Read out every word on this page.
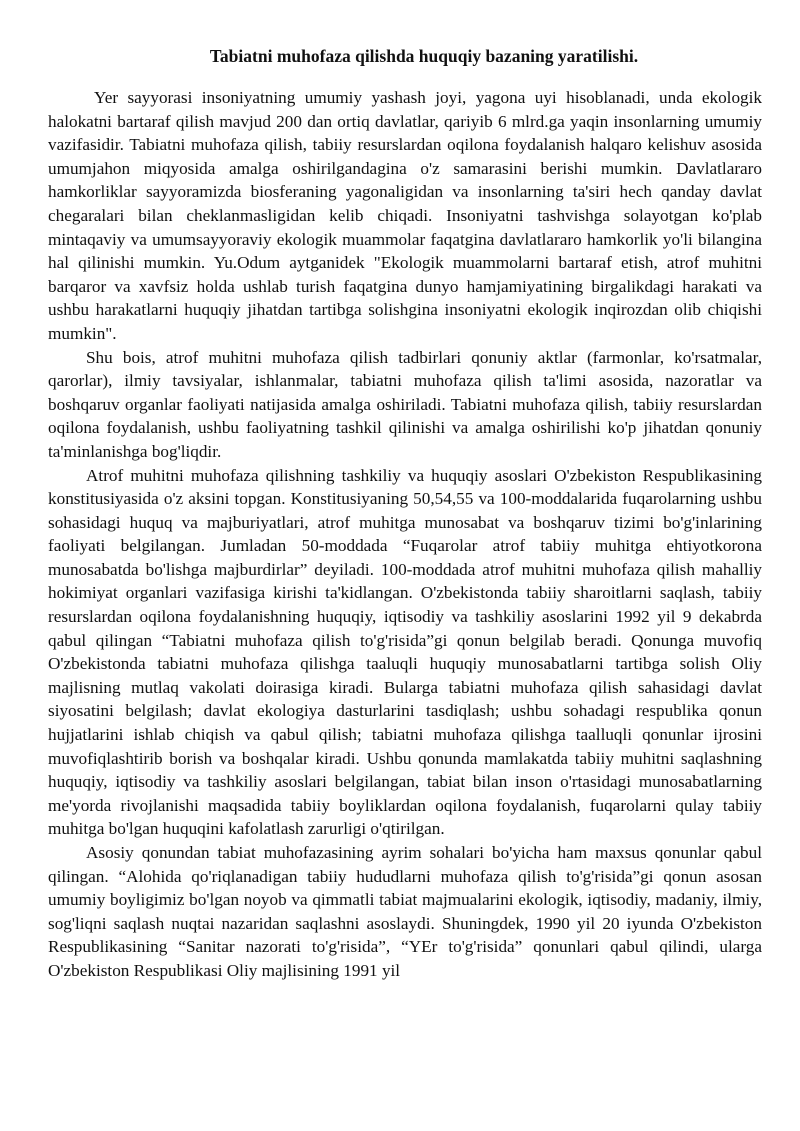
Tabiatni muhofaza qilishda huquqiy bazaning yaratilishi.

Yer sayyorasi insoniyatning umumiy yashash joyi, yagona uyi hisoblanadi, unda ekologik halokatni bartaraf qilish mavjud 200 dan ortiq davlatlar, qariyib 6 mlrd.ga yaqin insonlarning umumiy vazifasidir. Tabiatni muhofaza qilish, tabiiy resurslardan oqilona foydalanish halqaro kelishuv asosida umumjahon miqyosida amalga oshirilgandagina o'z samarasini berishi mumkin. Davlatlararo hamkorliklar sayyoramizda biosferaning yagonaligidan va insonlarning ta'siri hech qanday davlat chegaralari bilan cheklanmasligidan kelib chiqadi. Insoniyatni tashvishga solayotgan ko'plab mintaqaviy va umumsayyoraviy ekologik muammolar faqatgina davlatlararo hamkorlik yo'li bilangina hal qilinishi mumkin. Yu.Odum aytganidek "Ekologik muammolarni bartaraf etish, atrof muhitni barqaror va xavfsiz holda ushlab turish faqatgina dunyo hamjamiyatining birgalikdagi harakati va ushbu harakatlarni huquqiy jihatdan tartibga solishgina insoniyatni ekologik inqirozdan olib chiqishi mumkin".

Shu bois, atrof muhitni muhofaza qilish tadbirlari qonuniy aktlar (farmonlar, ko'rsatmalar, qarorlar), ilmiy tavsiyalar, ishlanmalar, tabiatni muhofaza qilish ta'limi asosida, nazoratlar va boshqaruv organlar faoliyati natijasida amalga oshiriladi. Tabiatni muhofaza qilish, tabiiy resurslardan oqilona foydalanish, ushbu faoliyatning tashkil qilinishi va amalga oshirilishi ko'p jihatdan qonuniy ta'minlanishga bog'liqdir.

Atrof muhitni muhofaza qilishning tashkiliy va huquqiy asoslari O'zbekiston Respublikasining konstitusiyasida o'z aksini topgan. Konstitusiyaning 50,54,55 va 100-moddalarida fuqarolarning ushbu sohasidagi huquq va majburiyatlari, atrof muhitga munosabat va boshqaruv tizimi bo'g'inlarining faoliyati belgilangan. Jumladan 50-moddada “Fuqarolar atrof tabiiy muhitga ehtiyotkorona munosabatda bo'lishga majburdirlar” deyiladi. 100-moddada atrof muhitni muhofaza qilish mahalliy hokimiyat organlari vazifasiga kirishi ta'kidlangan. O'zbekistonda tabiiy sharoitlarni saqlash, tabiiy resurslardan oqilona foydalanishning huquqiy, iqtisodiy va tashkiliy asoslarini 1992 yil 9 dekabrda qabul qilingan “Tabiatni muhofaza qilish to'g'risida”gi qonun belgilab beradi. Qonunga muvofiq O'zbekistonda tabiatni muhofaza qilishga taaluqli huquqiy munosabatlarni tartibga solish Oliy majlisning mutlaq vakolati doirasiga kiradi. Bularga tabiatni muhofaza qilish sahasidagi davlat siyosatini belgilash; davlat ekologiya dasturlarini tasdiqlash; ushbu sohadagi respublika qonun hujjatlarini ishlab chiqish va qabul qilish; tabiatni muhofaza qilishga taalluqli qonunlar ijrosini muvofiqlashtirib borish va boshqalar kiradi. Ushbu qonunda mamlakatda tabiiy muhitni saqlashning huquqiy, iqtisodiy va tashkiliy asoslari belgilangan, tabiat bilan inson o'rtasidagi munosabatlarning me'yorda rivojlanishi maqsadida tabiiy boyliklardan oqilona foydalanish, fuqarolarni qulay tabiiy muhitga bo'lgan huquqini kafolatlash zarurligi o'qtirilgan.

Asosiy qonundan tabiat muhofazasining ayrim sohalari bo'yicha ham maxsus qonunlar qabul qilingan. “Alohida qo'riqlanadigan tabiiy hududlarni muhofaza qilish to'g'risida”gi qonun asosan umumiy boyligimiz bo'lgan noyob va qimmatli tabiat majmualarini ekologik, iqtisodiy, madaniy, ilmiy, sog'liqni saqlash nuqtai nazaridan saqlashni asoslaydi. Shuningdek, 1990 yil 20 iyunda O'zbekiston Respublikasining “Sanitar nazorati to'g'risida”, “YEr to'g'risida” qonunlari qabul qilindi, ularga O'zbekiston Respublikasi Oliy majlisining 1991 yil
